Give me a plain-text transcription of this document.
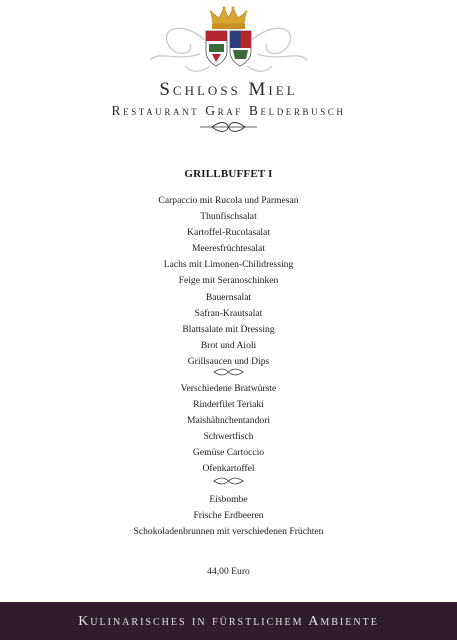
Schloss Miel
Restaurant Graf Belderbusch
GRILLBUFFET I
Carpaccio mit Rucola und Parmesan
Thunfischsalat
Kartoffel-Rucolasalat
Meeresfrüchtesalat
Lachs mit Limonen-Chilidressing
Feige mit Seranoschinken
Bauernsalat
Safran-Krautsalat
Blattsalate mit Dressing
Brot und Aioli
Grillsaucen und Dips
Verschiedene Bratwürste
Rinderfilet Teriaki
Maishähnchentandori
Schwertfisch
Gemüse Cartoccio
Ofenkartoffel
Eisbombe
Frische Erdbeeren
Schokoladenbrunnen mit verschiedenen Früchten
44,00 Euro
Kulinarisches in fürstlichem Ambiente
